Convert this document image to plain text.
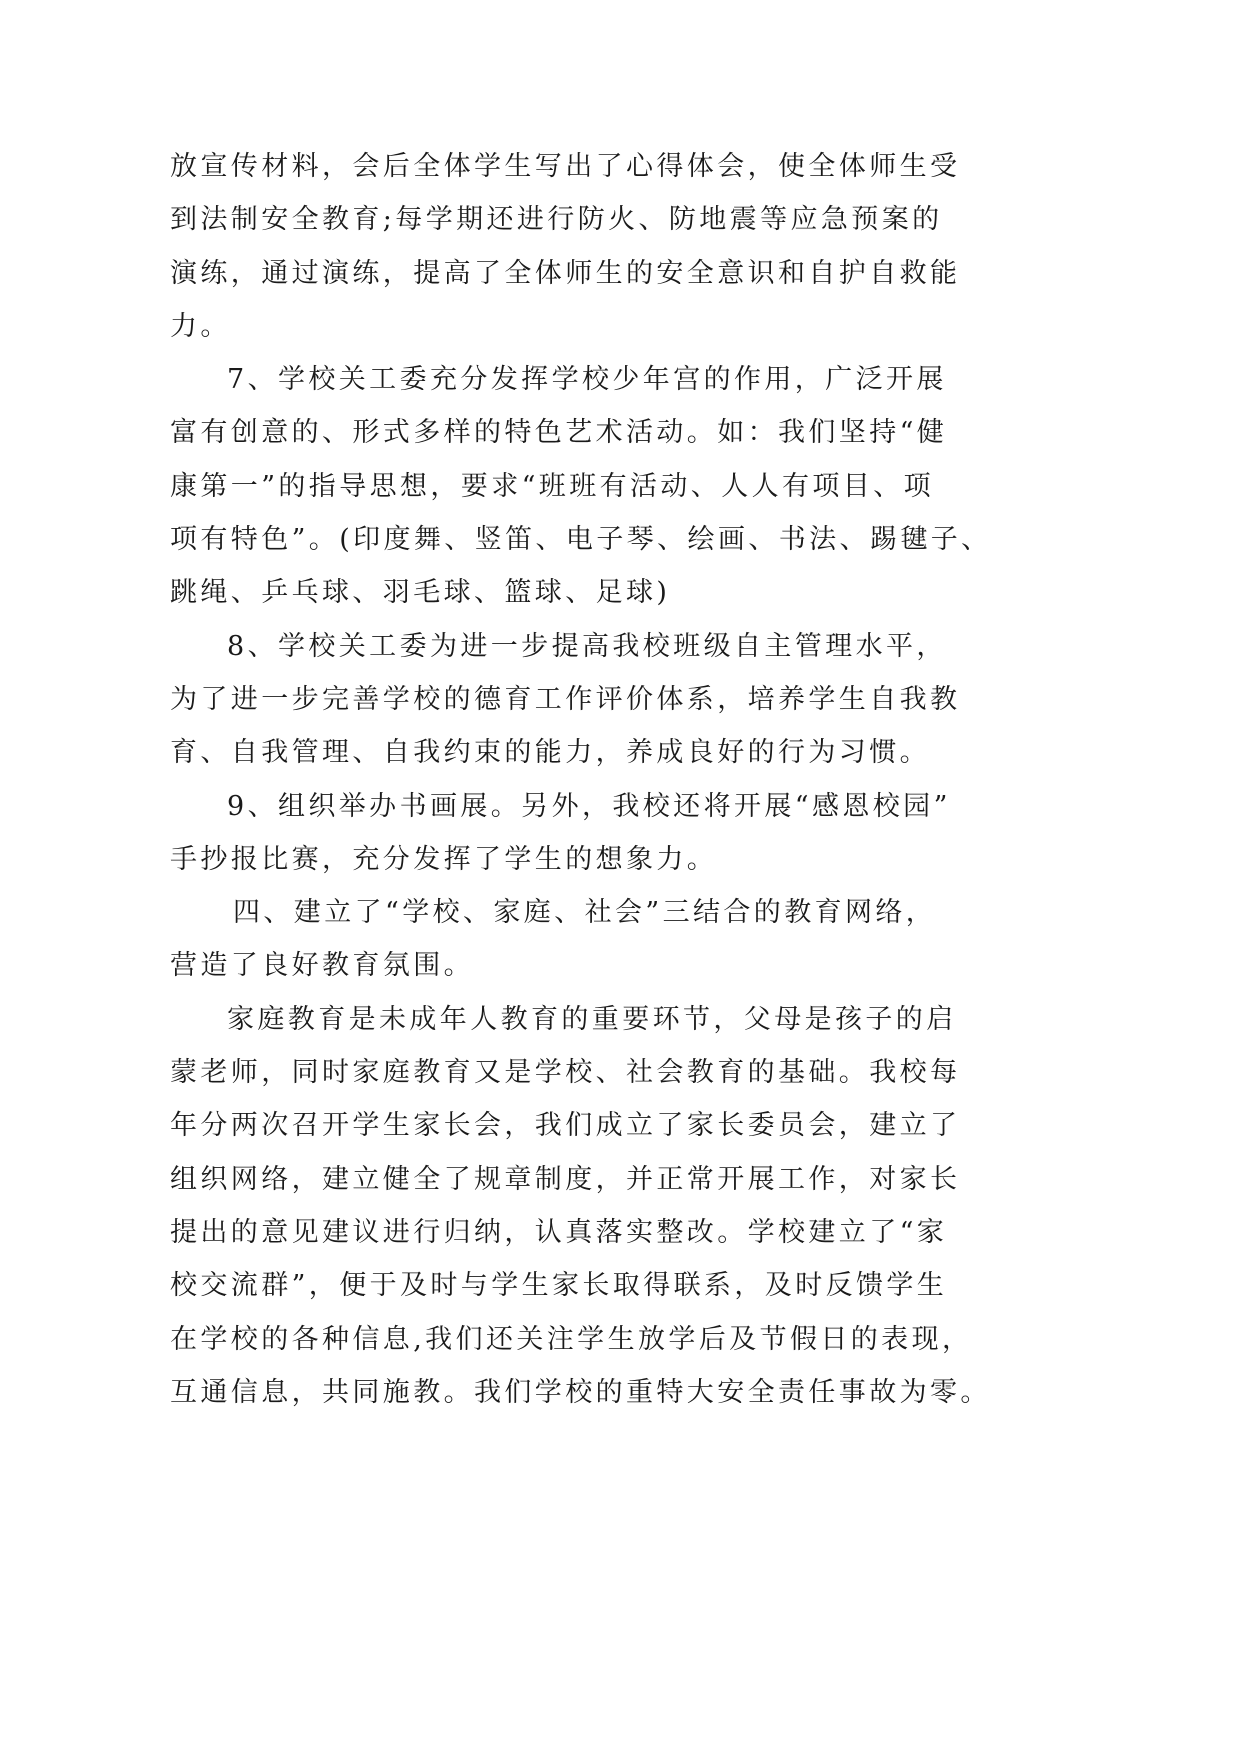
放宣传材料，会后全体学生写出了心得体会，使全体师生受
到法制安全教育;每学期还进行防火、防地震等应急预案的
演练，通过演练，提高了全体师生的安全意识和自护自救能
力。
7、学校关工委充分发挥学校少年宫的作用，广泛开展
富有创意的、形式多样的特色艺术活动。如：我们坚持“健
康第一”的指导思想，要求“班班有活动、人人有项目、项
项有特色”。(印度舞、竖笛、电子琴、绘画、书法、踢毽子、
跳绳、乒乓球、羽毛球、篮球、足球)
8、学校关工委为进一步提高我校班级自主管理水平，
为了进一步完善学校的德育工作评价体系，培养学生自我教
育、自我管理、自我约束的能力，养成良好的行为习惯。
9、组织举办书画展。另外，我校还将开展“感恩校园”
手抄报比赛，充分发挥了学生的想象力。
四、建立了“学校、家庭、社会”三结合的教育网络，
营造了良好教育氛围。
家庭教育是未成年人教育的重要环节，父母是孩子的启
蒙老师，同时家庭教育又是学校、社会教育的基础。我校每
年分两次召开学生家长会，我们成立了家长委员会，建立了
组织网络，建立健全了规章制度，并正常开展工作，对家长
提出的意见建议进行归纳，认真落实整改。学校建立了“家
校交流群”，便于及时与学生家长取得联系，及时反馈学生
在学校的各种信息,我们还关注学生放学后及节假日的表现，
互通信息，共同施教。我们学校的重特大安全责任事故为零。
